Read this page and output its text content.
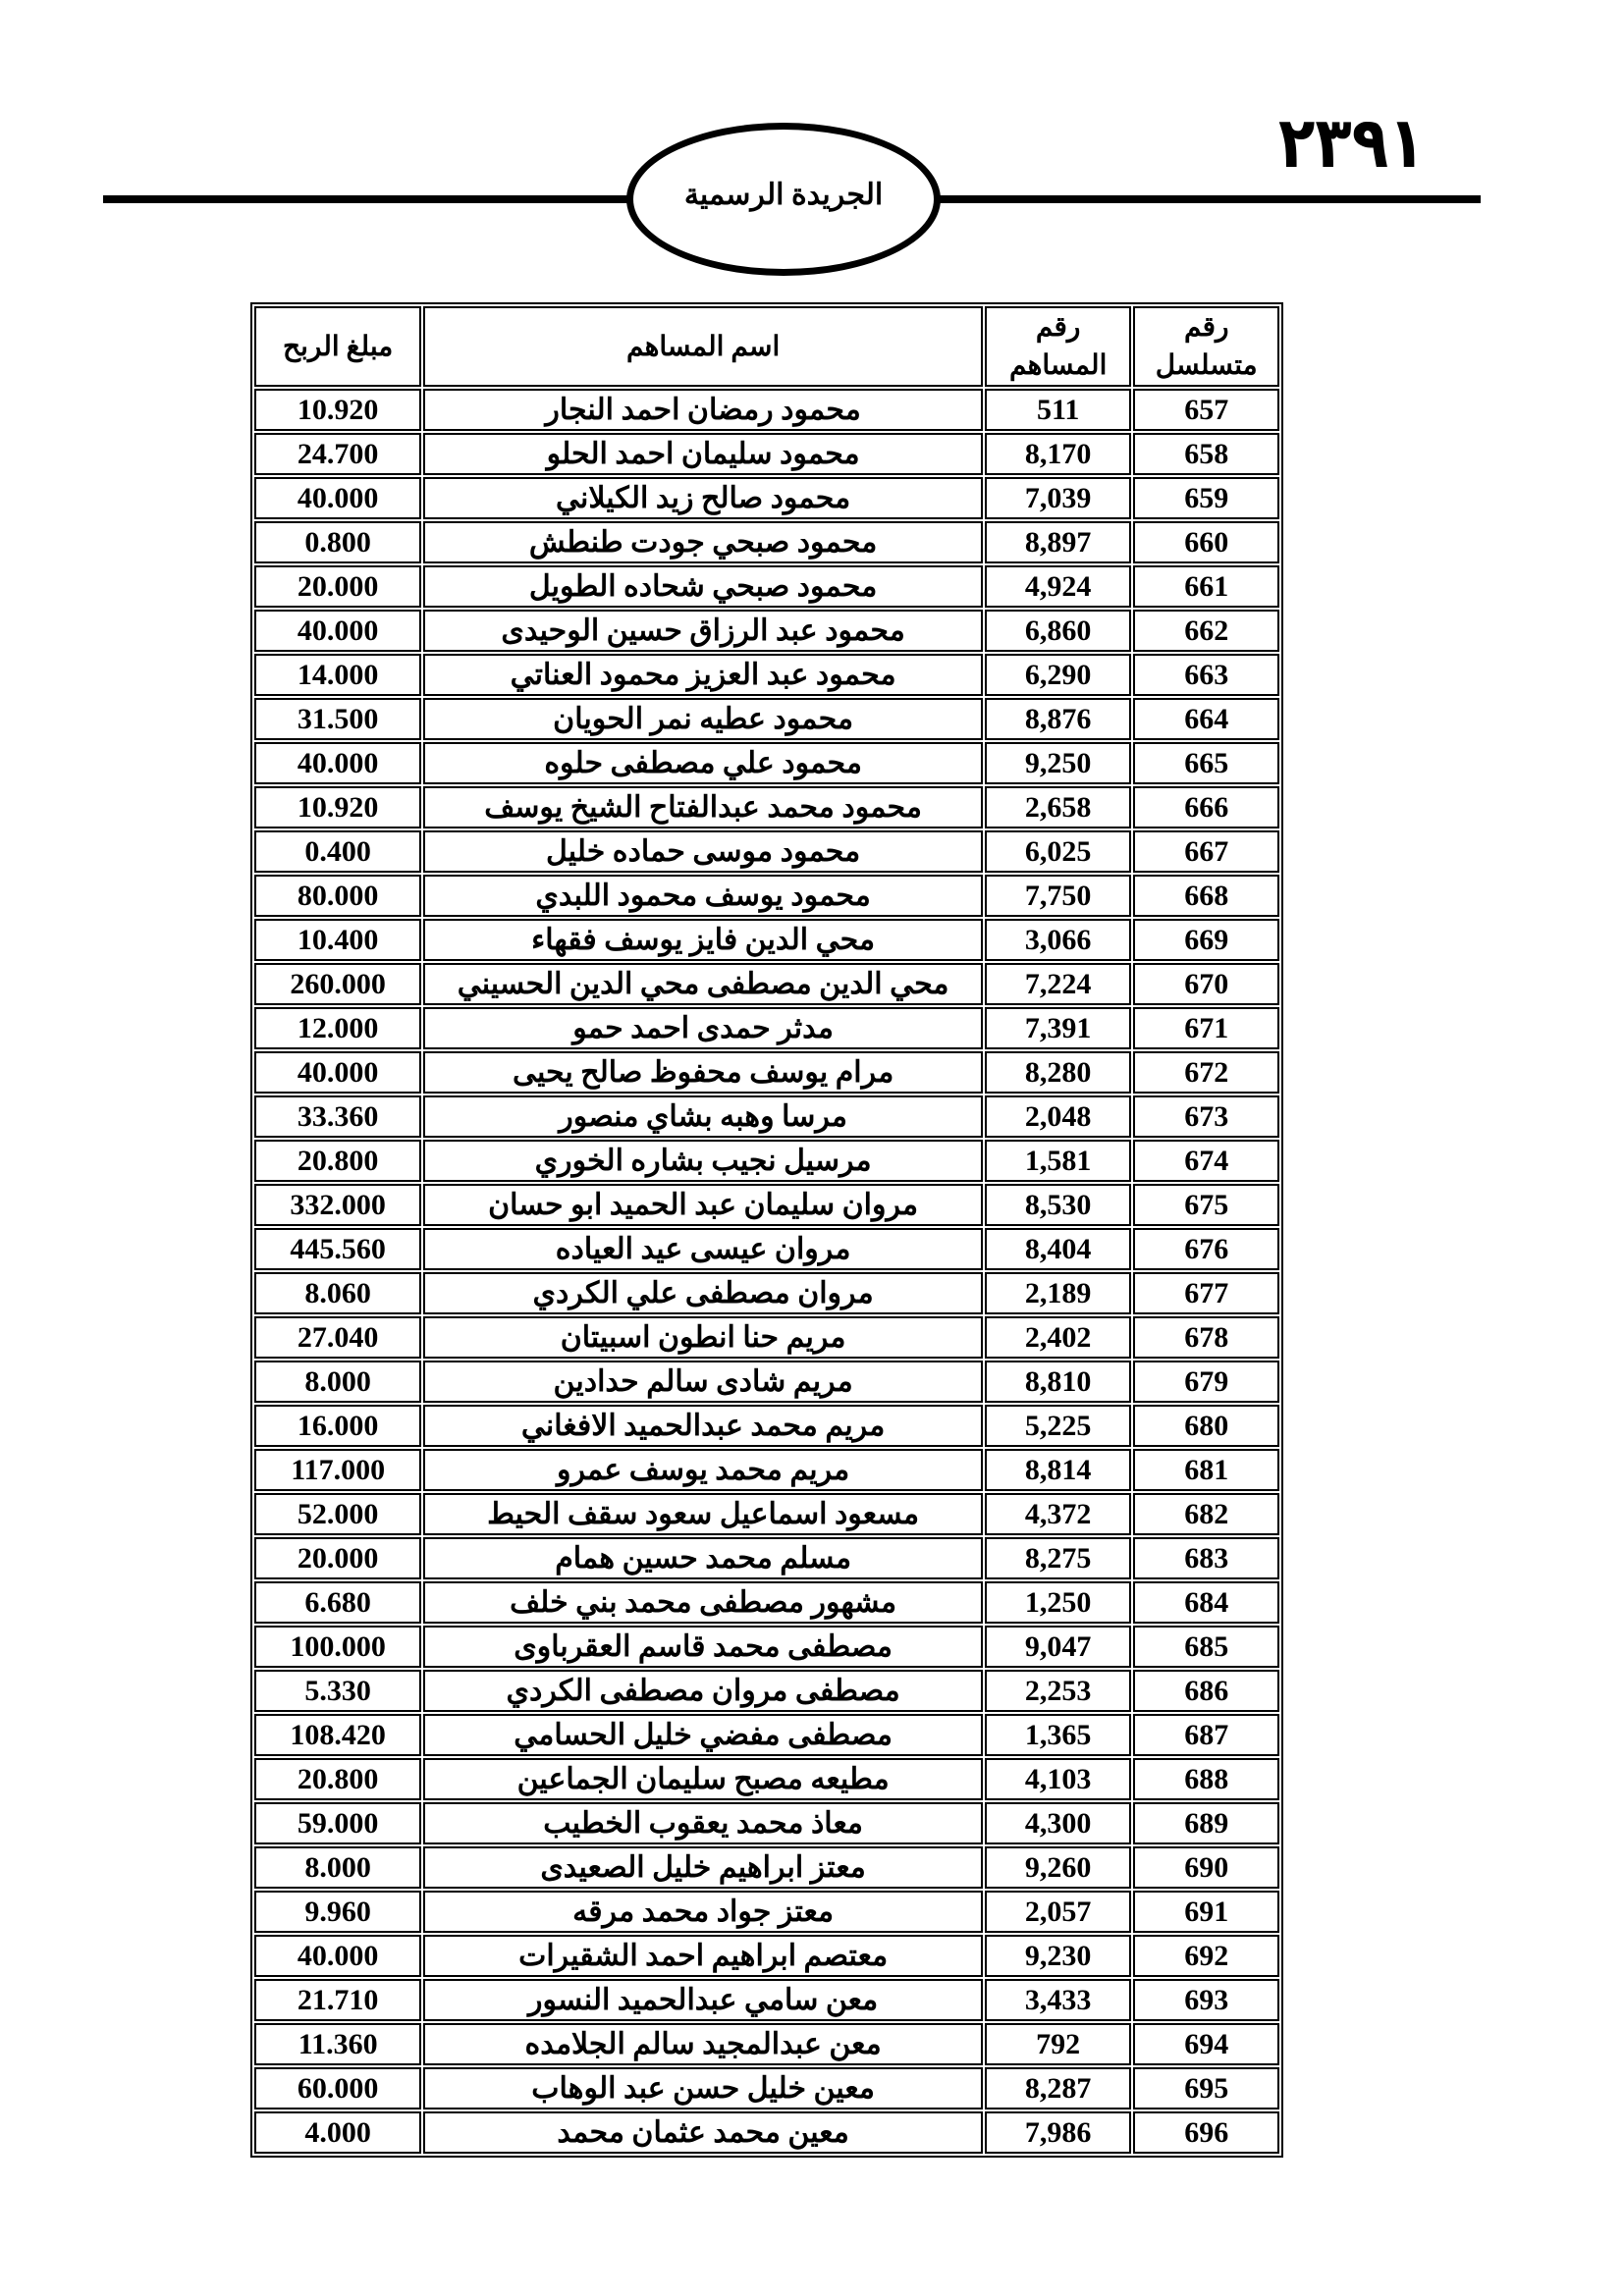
٢٣٩١
الجريدة الرسمية
رقم متسلسل	رقم المساهم	اسم المساهم	مبلغ الربح
657	511	محمود رمضان احمد النجار	10.920
658	8,170	محمود سليمان احمد الحلو	24.700
659	7,039	محمود صالح زيد الكيلاني	40.000
660	8,897	محمود صبحي جودت طنطش	0.800
661	4,924	محمود صبحي شحاده الطويل	20.000
662	6,860	محمود عبد الرزاق حسين الوحيدى	40.000
663	6,290	محمود عبد العزيز محمود العناتي	14.000
664	8,876	محمود عطيه نمر الحويان	31.500
665	9,250	محمود علي مصطفى حلوه	40.000
666	2,658	محمود محمد عبدالفتاح الشيخ يوسف	10.920
667	6,025	محمود موسى حماده خليل	0.400
668	7,750	محمود يوسف محمود اللبدي	80.000
669	3,066	محي الدين فايز يوسف فقهاء	10.400
670	7,224	محي الدين مصطفى محي الدين الحسيني	260.000
671	7,391	مدثر حمدى احمد حمو	12.000
672	8,280	مرام يوسف محفوظ صالح يحيى	40.000
673	2,048	مرسا وهبه بشاي منصور	33.360
674	1,581	مرسيل نجيب بشاره الخوري	20.800
675	8,530	مروان سليمان عبد الحميد ابو حسان	332.000
676	8,404	مروان عيسى عيد العياده	445.560
677	2,189	مروان مصطفى علي الكردي	8.060
678	2,402	مريم حنا انطون اسبيتان	27.040
679	8,810	مريم شادى سالم حدادين	8.000
680	5,225	مريم محمد عبدالحميد الافغاني	16.000
681	8,814	مريم محمد يوسف عمرو	117.000
682	4,372	مسعود اسماعيل سعود سقف الحيط	52.000
683	8,275	مسلم محمد حسين همام	20.000
684	1,250	مشهور مصطفى محمد بني خلف	6.680
685	9,047	مصطفى محمد قاسم العقرباوى	100.000
686	2,253	مصطفى مروان مصطفى الكردي	5.330
687	1,365	مصطفى مفضي خليل الحسامي	108.420
688	4,103	مطيعه مصبح سليمان الجماعين	20.800
689	4,300	معاذ محمد يعقوب الخطيب	59.000
690	9,260	معتز ابراهيم خليل الصعيدى	8.000
691	2,057	معتز جواد محمد مرقه	9.960
692	9,230	معتصم ابراهيم احمد الشقيرات	40.000
693	3,433	معن سامي عبدالحميد النسور	21.710
694	792	معن عبدالمجيد سالم الجلامده	11.360
695	8,287	معين خليل حسن عبد الوهاب	60.000
696	7,986	معين محمد عثمان محمد	4.000
